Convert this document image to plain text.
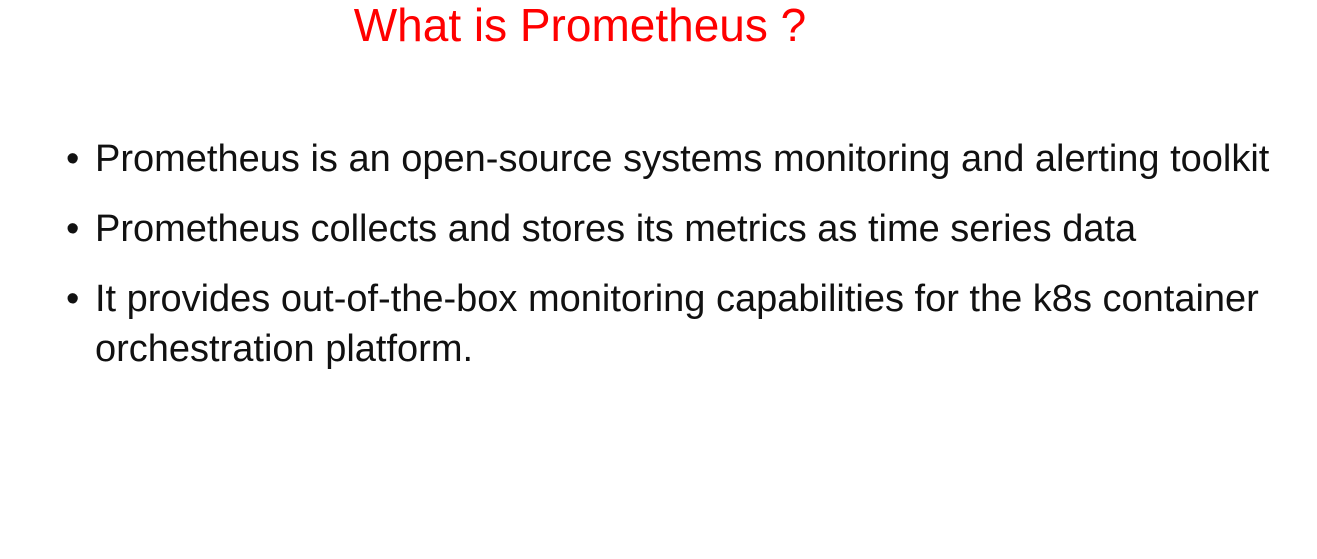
What is Prometheus ?
• Prometheus is an open-source systems monitoring and alerting toolkit
• Prometheus collects and stores its metrics as time series data
• It provides out-of-the-box monitoring capabilities for the k8s container orchestration platform.
